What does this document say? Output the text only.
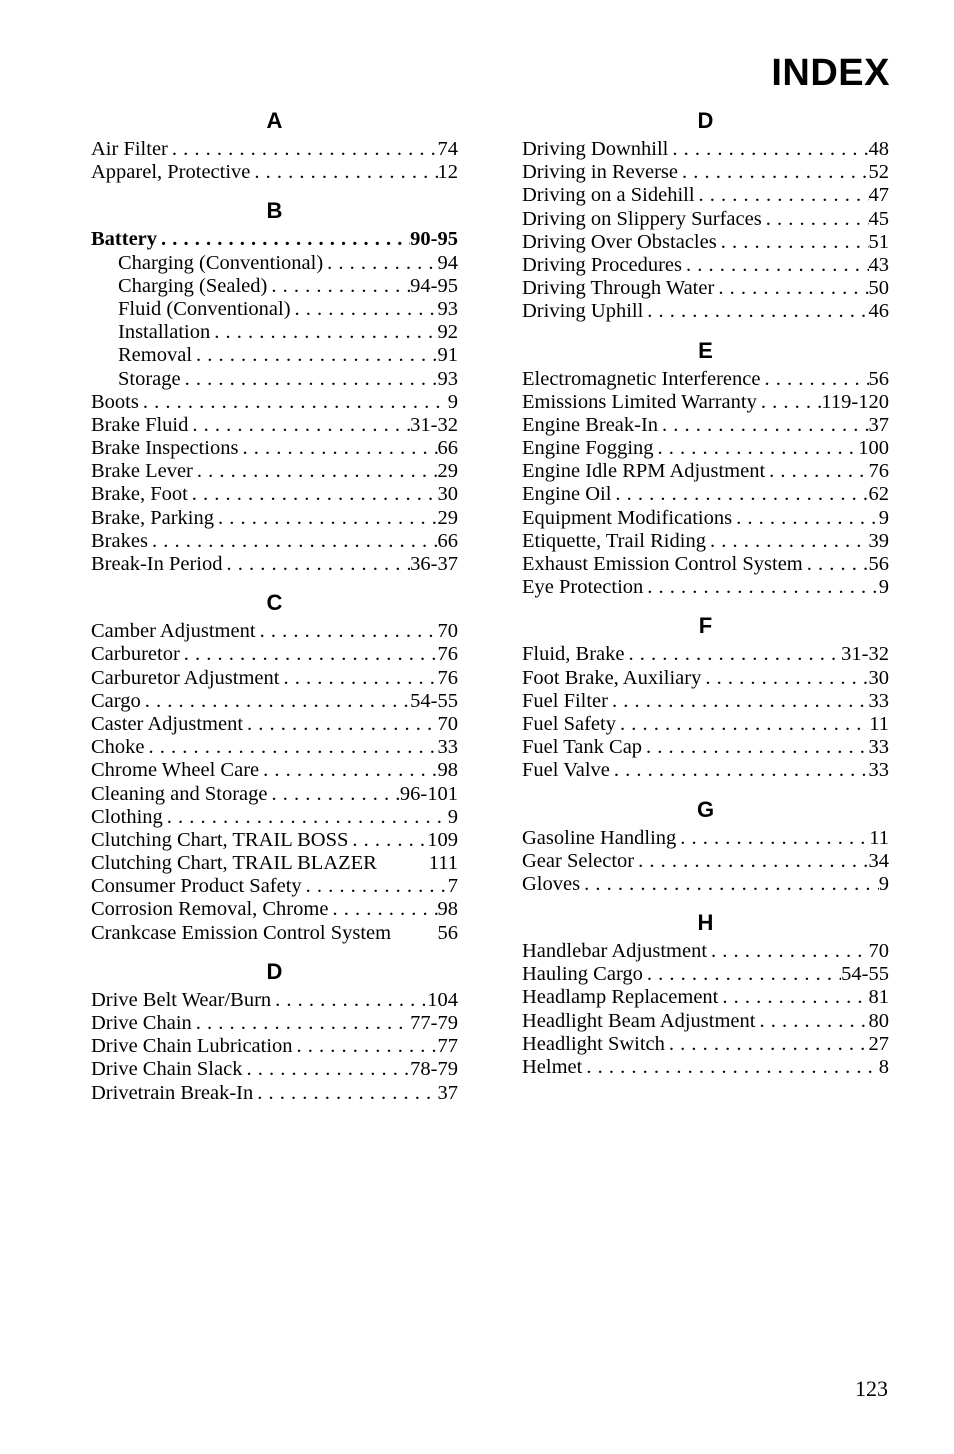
INDEX
A
Air Filter . . .	74
Apparel, Protective . . .	12
B
Battery . . .	90-95
Charging (Conventional) . . .	94
Charging (Sealed) . . .	94-95
Fluid (Conventional) . . .	93
Installation . . .	92
Removal . . .	91
Storage . . .	93
Boots . . .	9
Brake Fluid . . .	31-32
Brake Inspections . . .	66
Brake Lever . . .	29
Brake, Foot . . .	30
Brake, Parking . . .	29
Brakes . . .	66
Break-In Period . . .	36-37
C
Camber Adjustment . . .	70
Carburetor . . .	76
Carburetor Adjustment . . .	76
Cargo . . .	54-55
Caster Adjustment . . .	70
Choke . . .	33
Chrome Wheel Care . . .	98
Cleaning and Storage . . .	96-101
Clothing . . .	9
Clutching Chart, TRAIL BOSS . . .	109
Clutching Chart, TRAIL BLAZER	111
Consumer Product Safety . . .	7
Corrosion Removal, Chrome . . .	98
Crankcase Emission Control System 56
D
Drive Belt Wear/Burn . . .	104
Drive Chain . . .	77-79
Drive Chain Lubrication . . .	77
Drive Chain Slack . . .	78-79
Drivetrain Break-In . . .	37
D
Driving Downhill . . .	48
Driving in Reverse . . .	52
Driving on a Sidehill . . .	47
Driving on Slippery Surfaces . . .	45
Driving Over Obstacles . . .	51
Driving Procedures . . .	43
Driving Through Water . . .	50
Driving Uphill . . .	46
E
Electromagnetic Interference . . .	56
Emissions Limited Warranty . . .	119-120
Engine Break-In . . .	37
Engine Fogging . . .	100
Engine Idle RPM Adjustment . . .	76
Engine Oil . . .	62
Equipment Modifications . . .	9
Etiquette, Trail Riding . . .	39
Exhaust Emission Control System . . .	56
Eye Protection . . .	9
F
Fluid, Brake . . .	31-32
Foot Brake, Auxiliary . . .	30
Fuel Filter . . .	33
Fuel Safety . . .	11
Fuel Tank Cap . . .	33
Fuel Valve . . .	33
G
Gasoline Handling . . .	11
Gear Selector . . .	34
Gloves . . .	9
H
Handlebar Adjustment . . .	70
Hauling Cargo . . .	54-55
Headlamp Replacement . . .	81
Headlight Beam Adjustment . . .	80
Headlight Switch . . .	27
Helmet . . .	8
123
